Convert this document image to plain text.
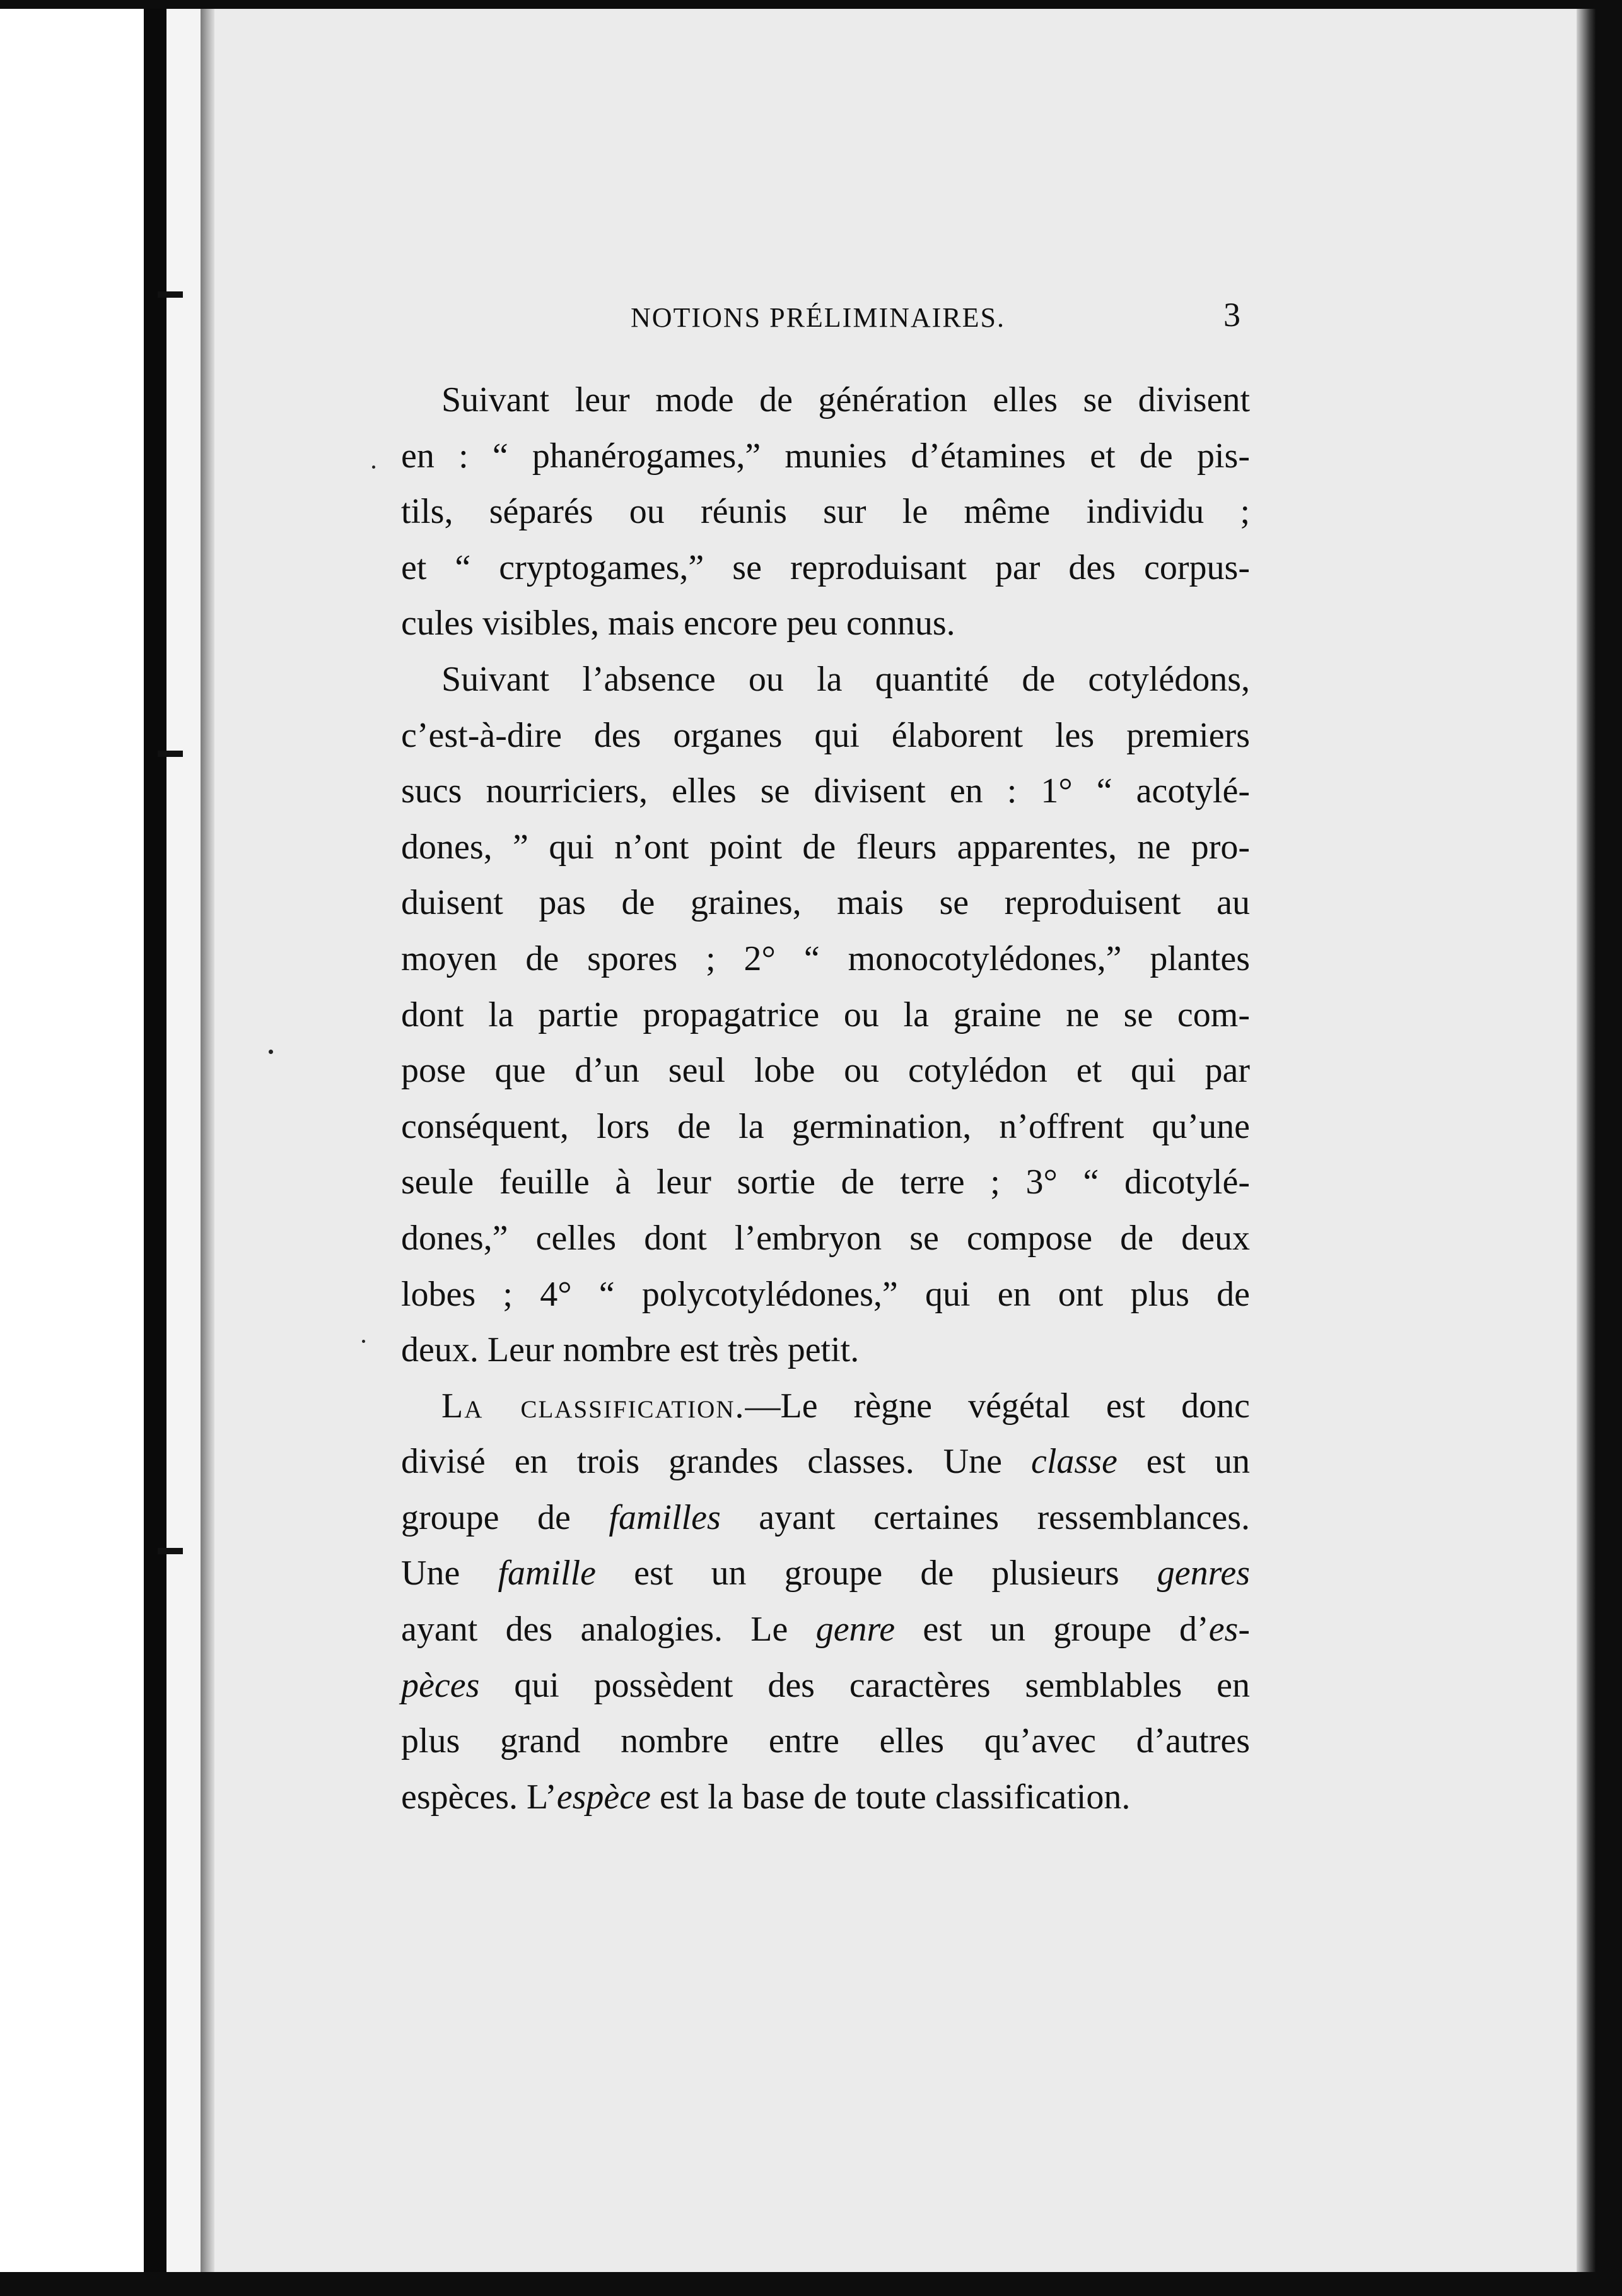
NOTIONS PRÉLIMINAIRES.	3
Suivant leur mode de génération elles se divisent
en : “ phanérogames,” munies d’étamines et de pis-
tils, séparés ou réunis sur le même individu ;
et “ cryptogames,” se reproduisant par des corpus-
cules visibles, mais encore peu connus.
Suivant l’absence ou la quantité de cotylédons,
c’est-à-dire des organes qui élaborent les premiers
sucs nourriciers, elles se divisent en : 1° “ acotylé-
dones, ” qui n’ont point de fleurs apparentes, ne pro-
duisent pas de graines, mais se reproduisent au
moyen de spores ; 2° “ monocotylédones,” plantes
dont la partie propagatrice ou la graine ne se com-
pose que d’un seul lobe ou cotylédon et qui par
conséquent, lors de la germination, n’offrent qu’une
seule feuille à leur sortie de terre ; 3° “ dicotylé-
dones,” celles dont l’embryon se compose de deux
lobes ; 4° “ polycotylédones,” qui en ont plus de
deux. Leur nombre est très petit.
La classification.—Le règne végétal est donc
divisé en trois grandes classes. Une classe est un
groupe de familles ayant certaines ressemblances.
Une famille est un groupe de plusieurs genres
ayant des analogies. Le genre est un groupe d’es-
pèces qui possèdent des caractères semblables en
plus grand nombre entre elles qu’avec d’autres
espèces. L’espèce est la base de toute classification.
